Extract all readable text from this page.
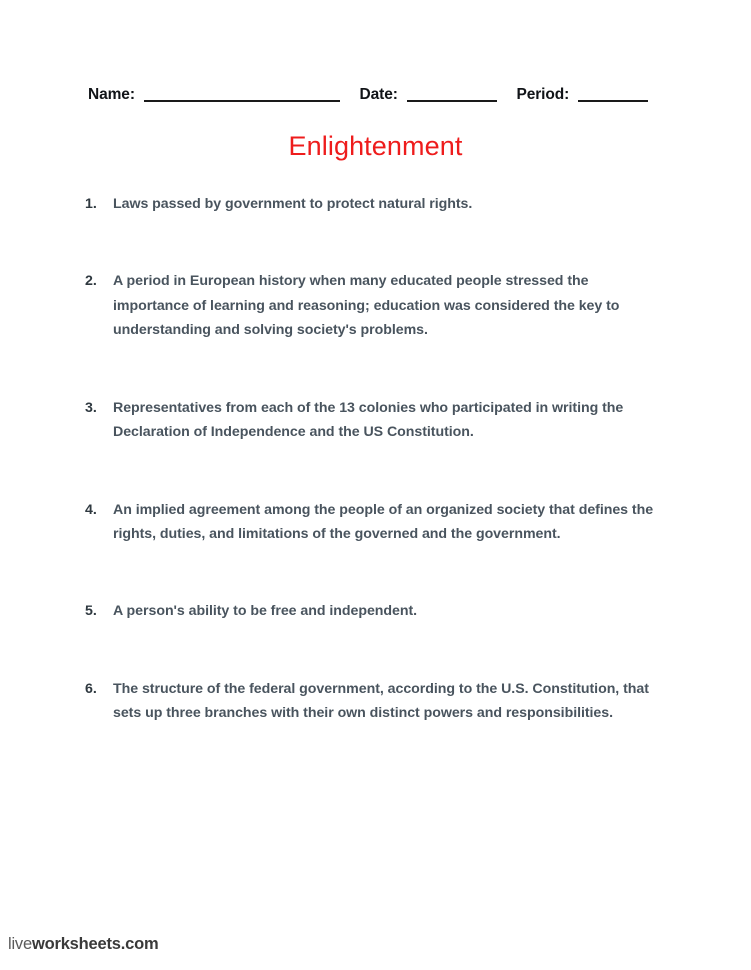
Name:	Date:	Period:
Enlightenment
1.	Laws passed by government to protect natural rights.
2.	A period in European history when many educated people stressed the importance of learning and reasoning; education was considered the key to understanding and solving society's problems.
3.	Representatives from each of the 13 colonies who participated in writing the Declaration of Independence and the US Constitution.
4.	An implied agreement among the people of an organized society that defines the rights, duties, and limitations of the governed and the government.
5.	A person's ability to be free and independent.
6.	The structure of the federal government, according to the U.S. Constitution, that sets up three branches with their own distinct powers and responsibilities.
liveworksheets.com
